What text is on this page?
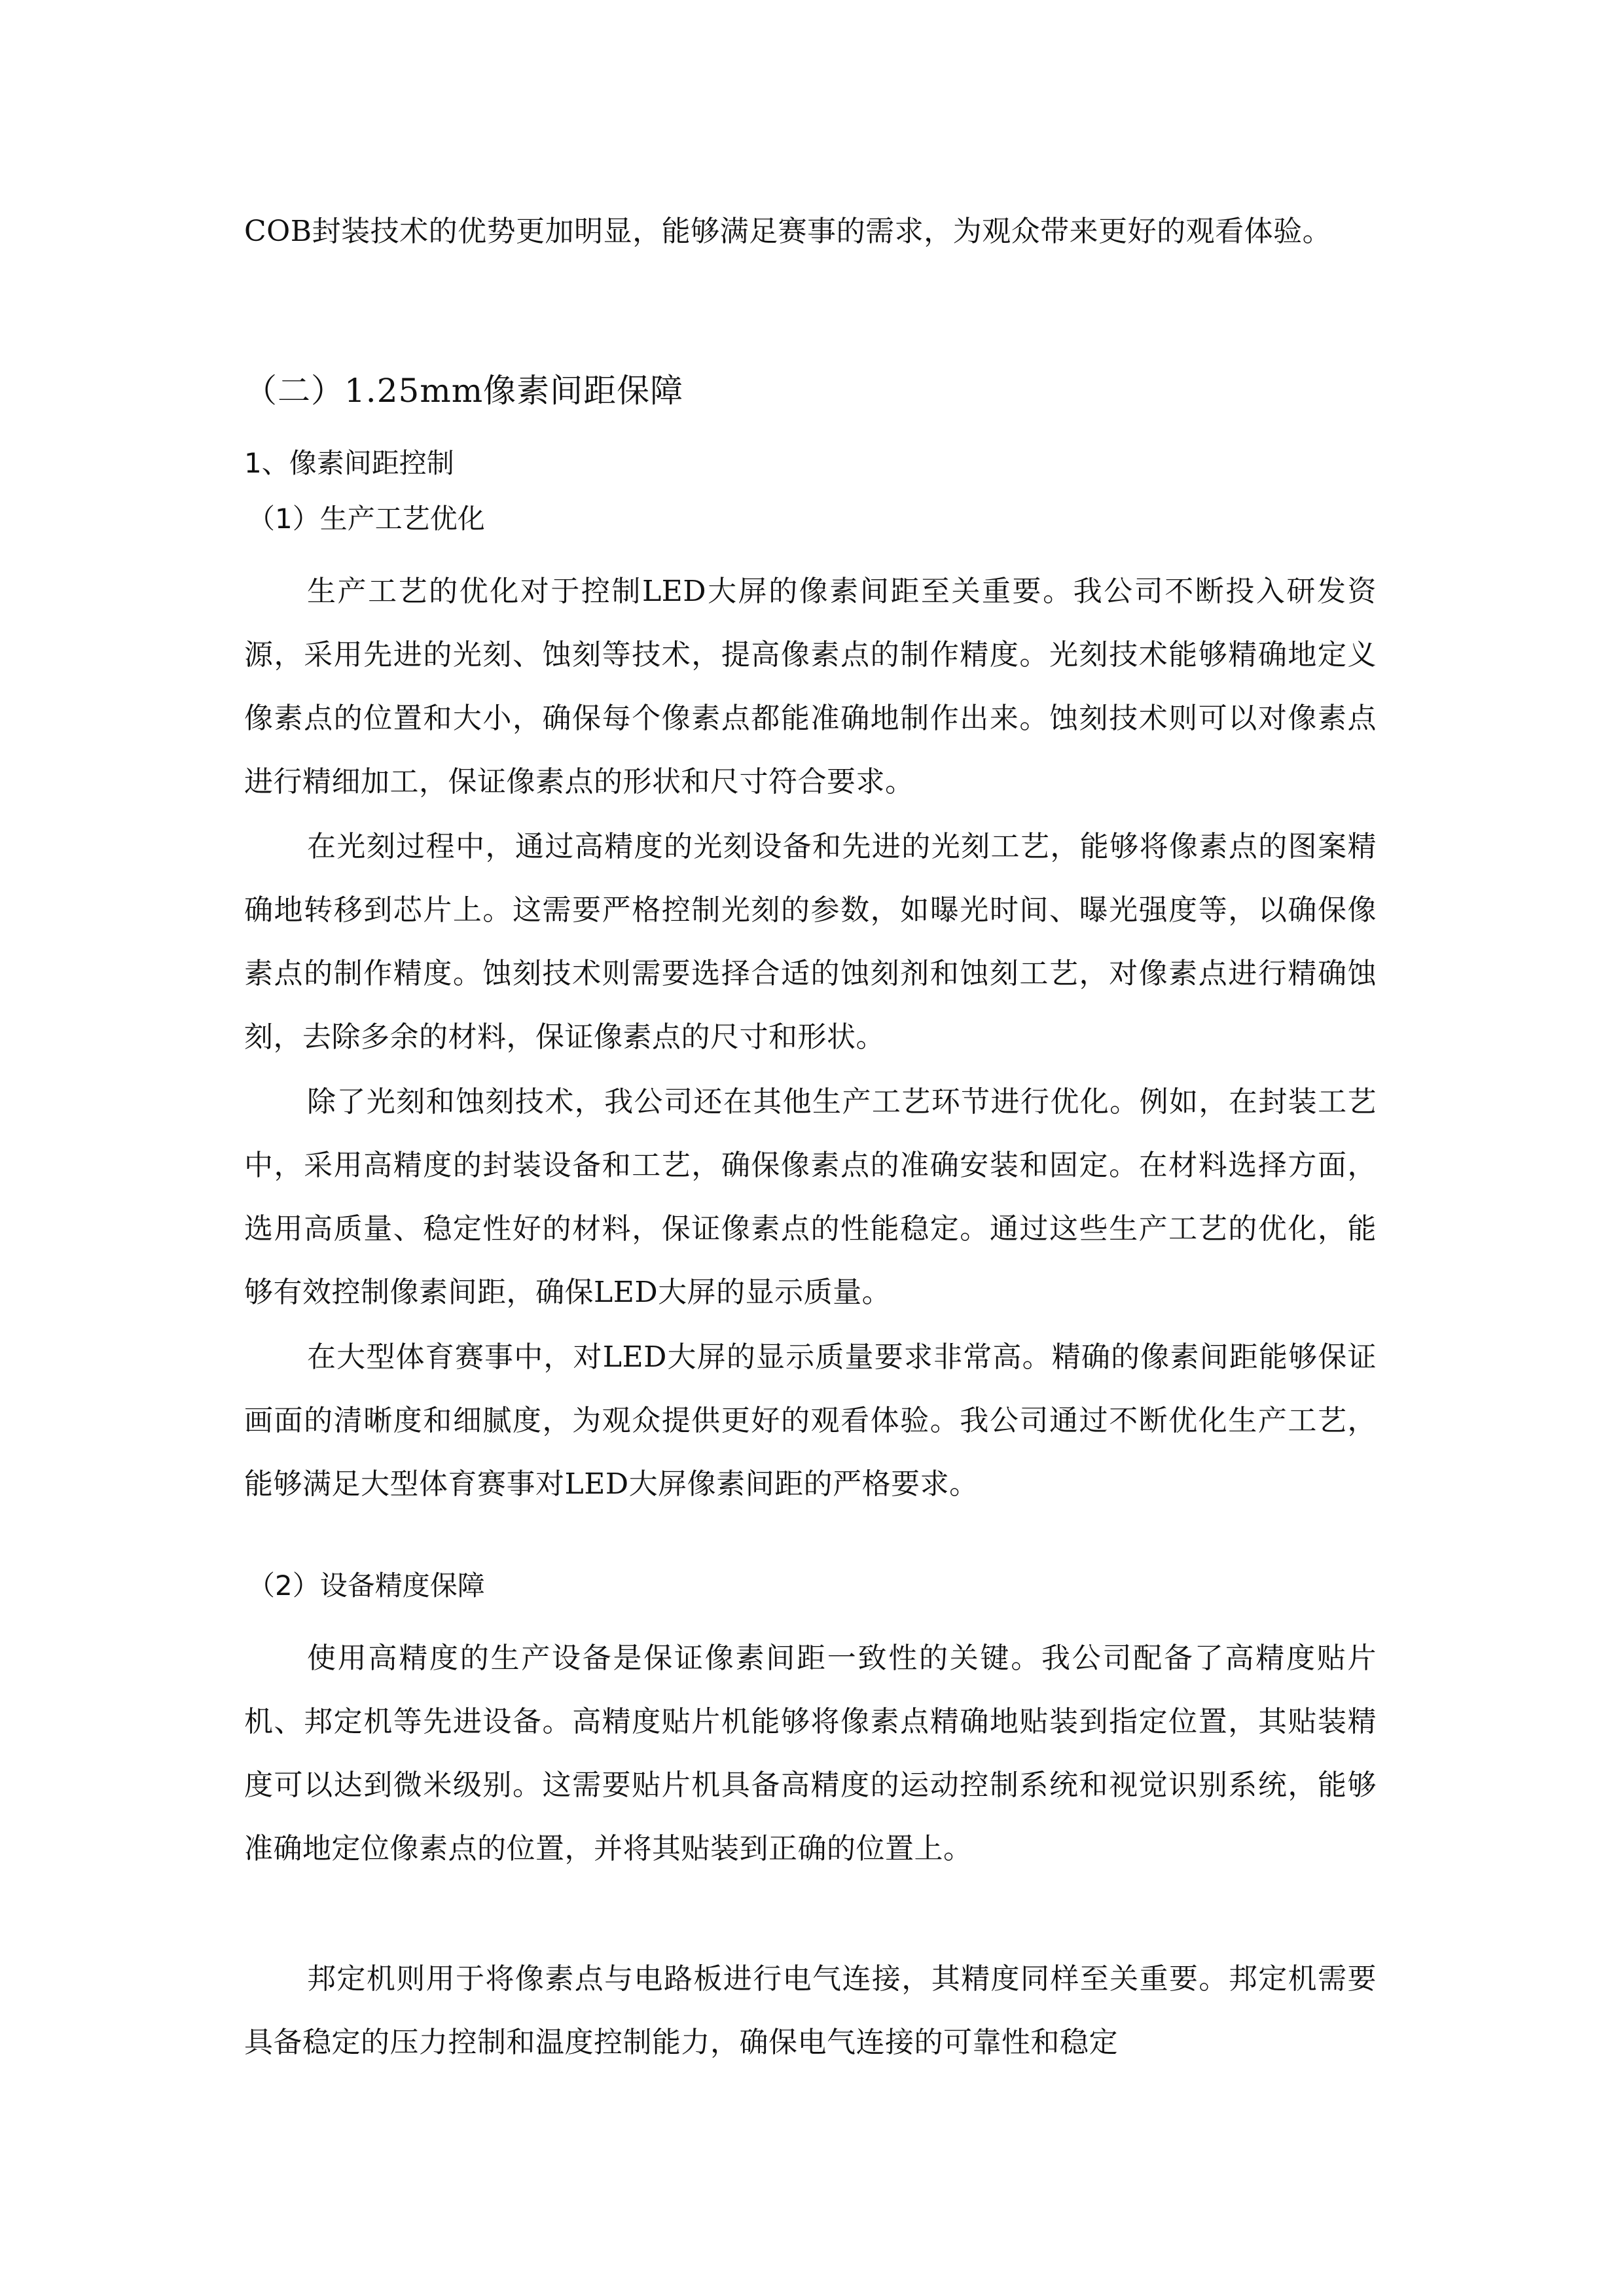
COB封装技术的优势更加明显，能够满足赛事的需求，为观众带来更好的观看体验。

（二）1.25mm像素间距保障
1、像素间距控制
（1）生产工艺优化

生产工艺的优化对于控制LED大屏的像素间距至关重要。我公司不断投入研发资源，采用先进的光刻、蚀刻等技术，提高像素点的制作精度。光刻技术能够精确地定义像素点的位置和大小，确保每个像素点都能准确地制作出来。蚀刻技术则可以对像素点进行精细加工，保证像素点的形状和尺寸符合要求。

在光刻过程中，通过高精度的光刻设备和先进的光刻工艺，能够将像素点的图案精确地转移到芯片上。这需要严格控制光刻的参数，如曝光时间、曝光强度等，以确保像素点的制作精度。蚀刻技术则需要选择合适的蚀刻剂和蚀刻工艺，对像素点进行精确蚀刻，去除多余的材料，保证像素点的尺寸和形状。

除了光刻和蚀刻技术，我公司还在其他生产工艺环节进行优化。例如，在封装工艺中，采用高精度的封装设备和工艺，确保像素点的准确安装和固定。在材料选择方面，选用高质量、稳定性好的材料，保证像素点的性能稳定。通过这些生产工艺的优化，能够有效控制像素间距，确保LED大屏的显示质量。

在大型体育赛事中，对LED大屏的显示质量要求非常高。精确的像素间距能够保证画面的清晰度和细腻度，为观众提供更好的观看体验。我公司通过不断优化生产工艺，能够满足大型体育赛事对LED大屏像素间距的严格要求。

（2）设备精度保障

使用高精度的生产设备是保证像素间距一致性的关键。我公司配备了高精度贴片机、邦定机等先进设备。高精度贴片机能够将像素点精确地贴装到指定位置，其贴装精度可以达到微米级别。这需要贴片机具备高精度的运动控制系统和视觉识别系统，能够准确地定位像素点的位置，并将其贴装到正确的位置上。

邦定机则用于将像素点与电路板进行电气连接，其精度同样至关重要。邦定机需要具备稳定的压力控制和温度控制能力，确保电气连接的可靠性和稳定
